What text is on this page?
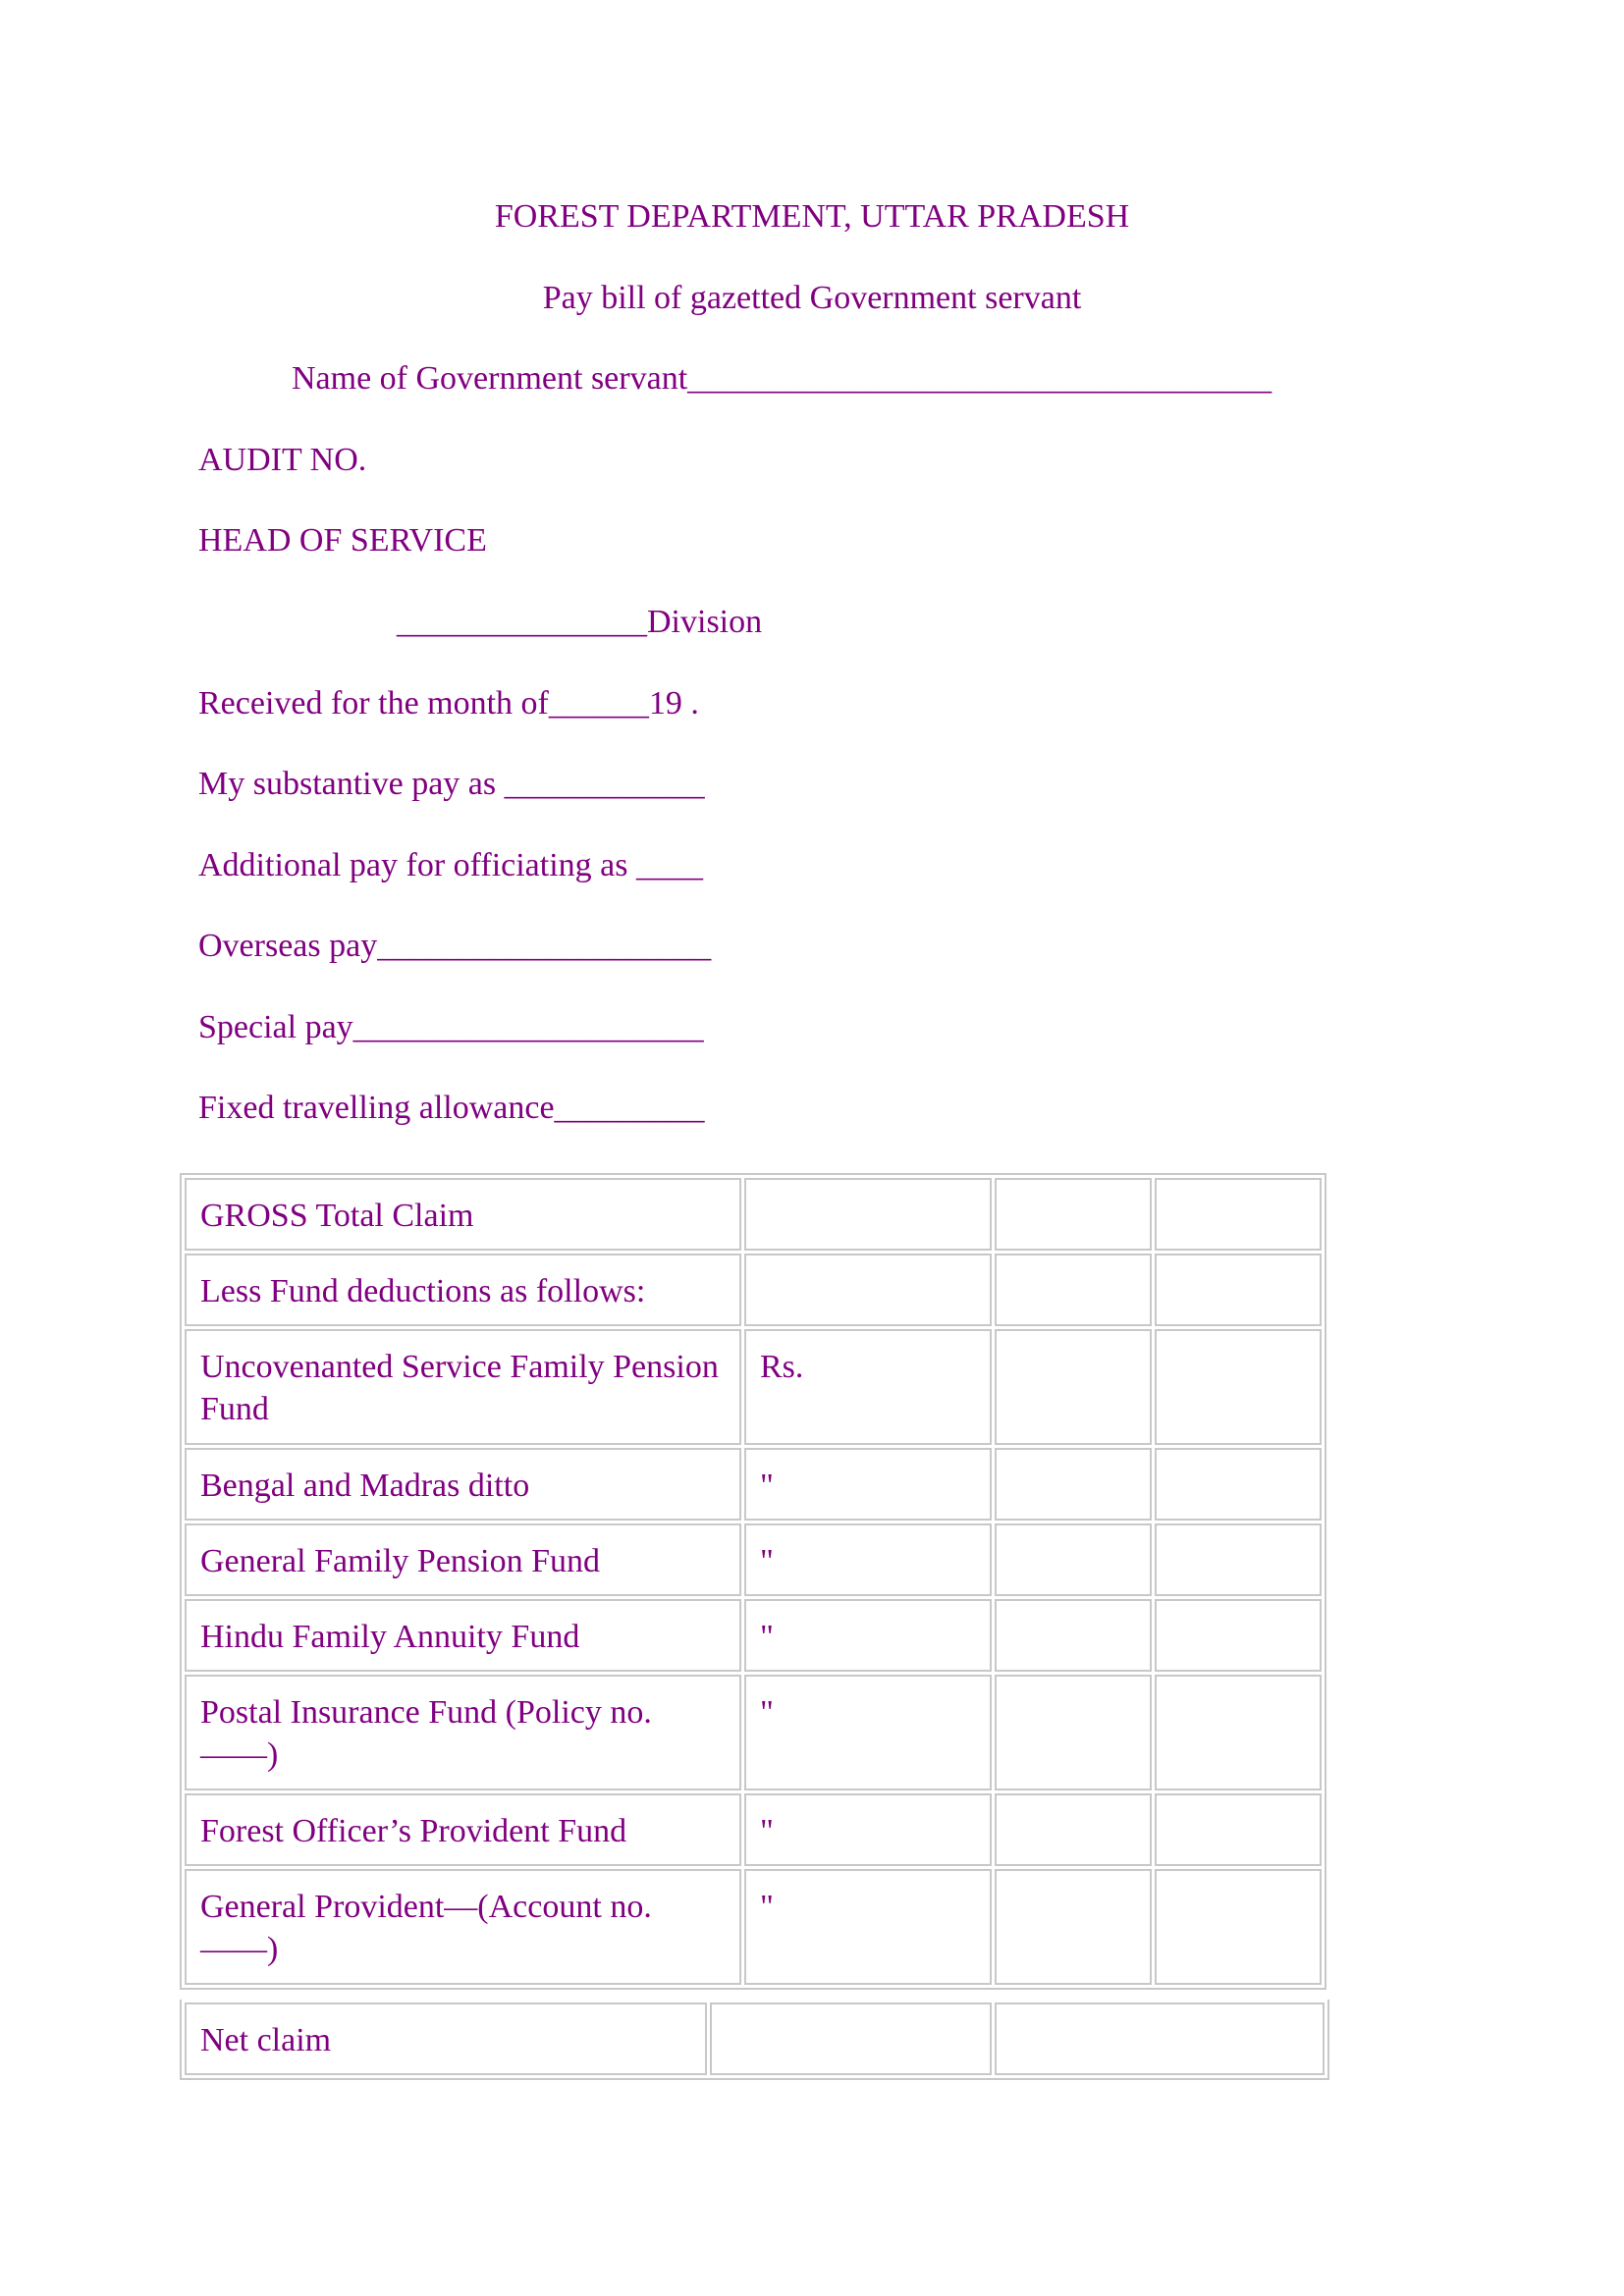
FOREST DEPARTMENT, UTTAR PRADESH
Pay bill of gazetted Government servant
Name of Government servant___________________________________
AUDIT NO.
HEAD OF SERVICE
_______________Division
Received for the month of______19 .
My substantive pay as ____________
Additional pay for officiating as ____
Overseas pay____________________
Special pay_____________________
Fixed travelling allowance_________
GROSS Total Claim			
Less Fund deductions as follows:			
Uncovenanted Service Family Pension Fund	Rs.		
Bengal and Madras ditto	"		
General Family Pension Fund	"		
Hindu Family Annuity Fund	"		
Postal Insurance Fund (Policy no.——)	"		
Forest Officer’s Provident Fund	"		
General Provident—(Account no.——)	"		
Net claim		
